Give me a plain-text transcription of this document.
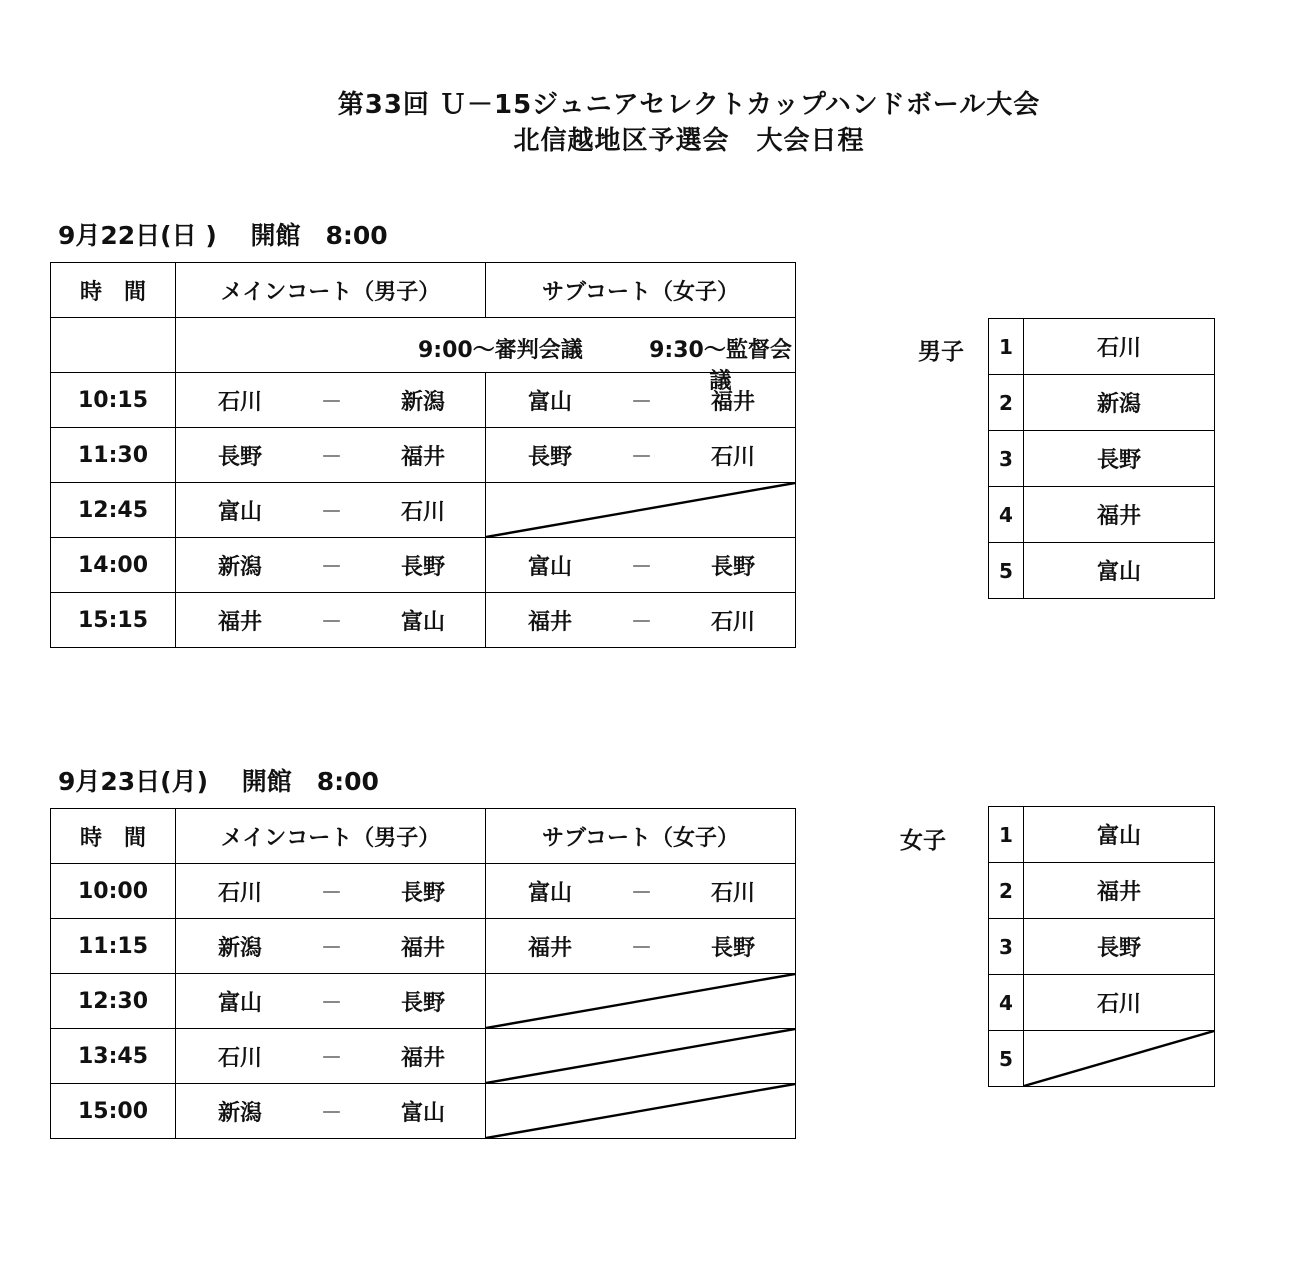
第33回 Ｕ－15ジュニアセレクトカップハンドボール大会
北信越地区予選会　大会日程
9月22日(日 )　 開館　8:00
時　間	メインコート（男子）	サブコート（女子）

	9:00～審判会議 9:30～監督会議	

10:15	石川 － 新潟	富山 － 福井

11:30	長野 － 福井	長野 － 石川

12:45	富山 － 石川

14:00	新潟 － 長野	富山 － 長野

15:15	福井 － 富山	福井 － 石川
男子 1	石川
2	新潟
3	長野
4	福井
5	富山
9月23日(月)　 開館　8:00
時　間	メインコート（男子）	サブコート（女子）
10:00	石川 － 長野	富山 － 石川

11:15	新潟 － 福井	福井 － 長野

12:30	富山 － 長野

13:45	石川 － 福井

15:00	新潟 － 富山

女子	1	富山
2	福井
3	長野
4	石川
5	
